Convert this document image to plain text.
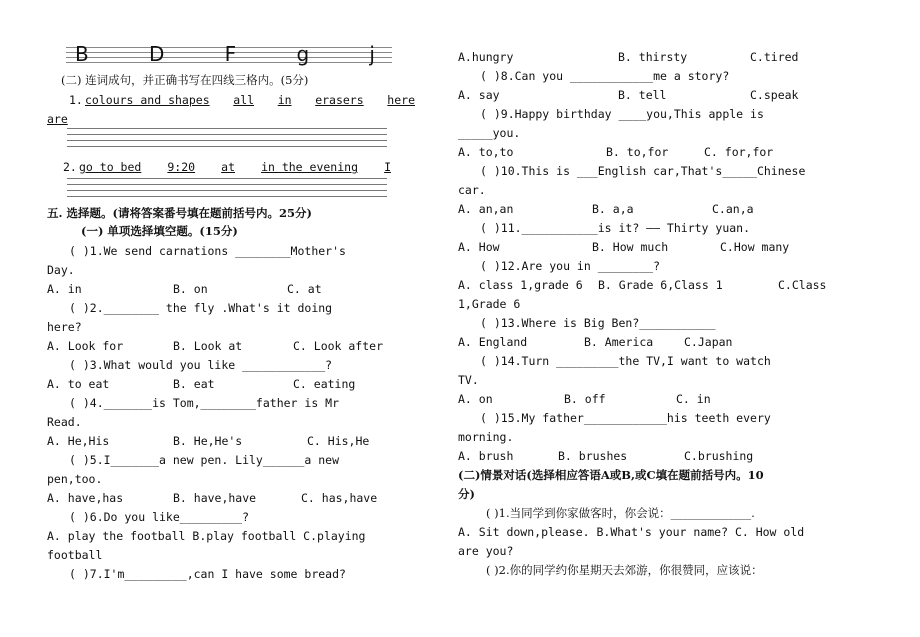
B	D	F	g	j
(二) 连词成句，并正确书写在四线三格内。(5分)
1. colours and shapes all in erasers here
are
2. go to bed 9:20 at in the evening I
五. 选择题。(请将答案番号填在题前括号内。25分)
(一) 单项选择填空题。(15分)
( )1.We send carnations ________Mother's
Day.
A. in	B. on	C. at
( )2.________ the fly .What's it doing
here?
A. Look for	B. Look at	C. Look after
( )3.What would you like ____________?
A. to eat	B. eat	C. eating
( )4._______is Tom,________father is Mr
Read.
A. He,His	B. He,He's	C. His,He
( )5.I_______a new pen. Lily______a new
pen,too.
A. have,has	B. have,have	C. has,have
( )6.Do you like_________?
A. play the football B.play football C.playing
football
( )7.I'm_________,can I have some bread?
A.hungry	B. thirsty	C.tired
( )8.Can you ____________me a story?
A. say	B. tell	C.speak
( )9.Happy birthday ____you,This apple is
_____you.
A. to,to	B. to,for	C. for,for
( )10.This is ___English car,That's_____Chinese
car.
A. an,an	B. a,a	C.an,a
( )11.___________is it? —— Thirty yuan.
A. How	B. How much	C.How many
( )12.Are you in ________?
A. class 1,grade 6 B. Grade 6,Class 1	C.Class
1,Grade 6
( )13.Where is Big Ben?___________
A. England	B. America	C.Japan
( )14.Turn _________the TV,I want to watch
TV.
A. on	B. off	C. in
( )15.My father____________his teeth every
morning.
A. brush	B. brushes	C.brushing
(二)情景对话(选择相应答语A或B,或C填在题前括号内。10
分)
( )1.当同学到你家做客时，你会说：______________.
A. Sit down,please. B.What's your name? C. How old
are you?
( )2.你的同学约你星期天去郊游，你很赞同，应该说：
